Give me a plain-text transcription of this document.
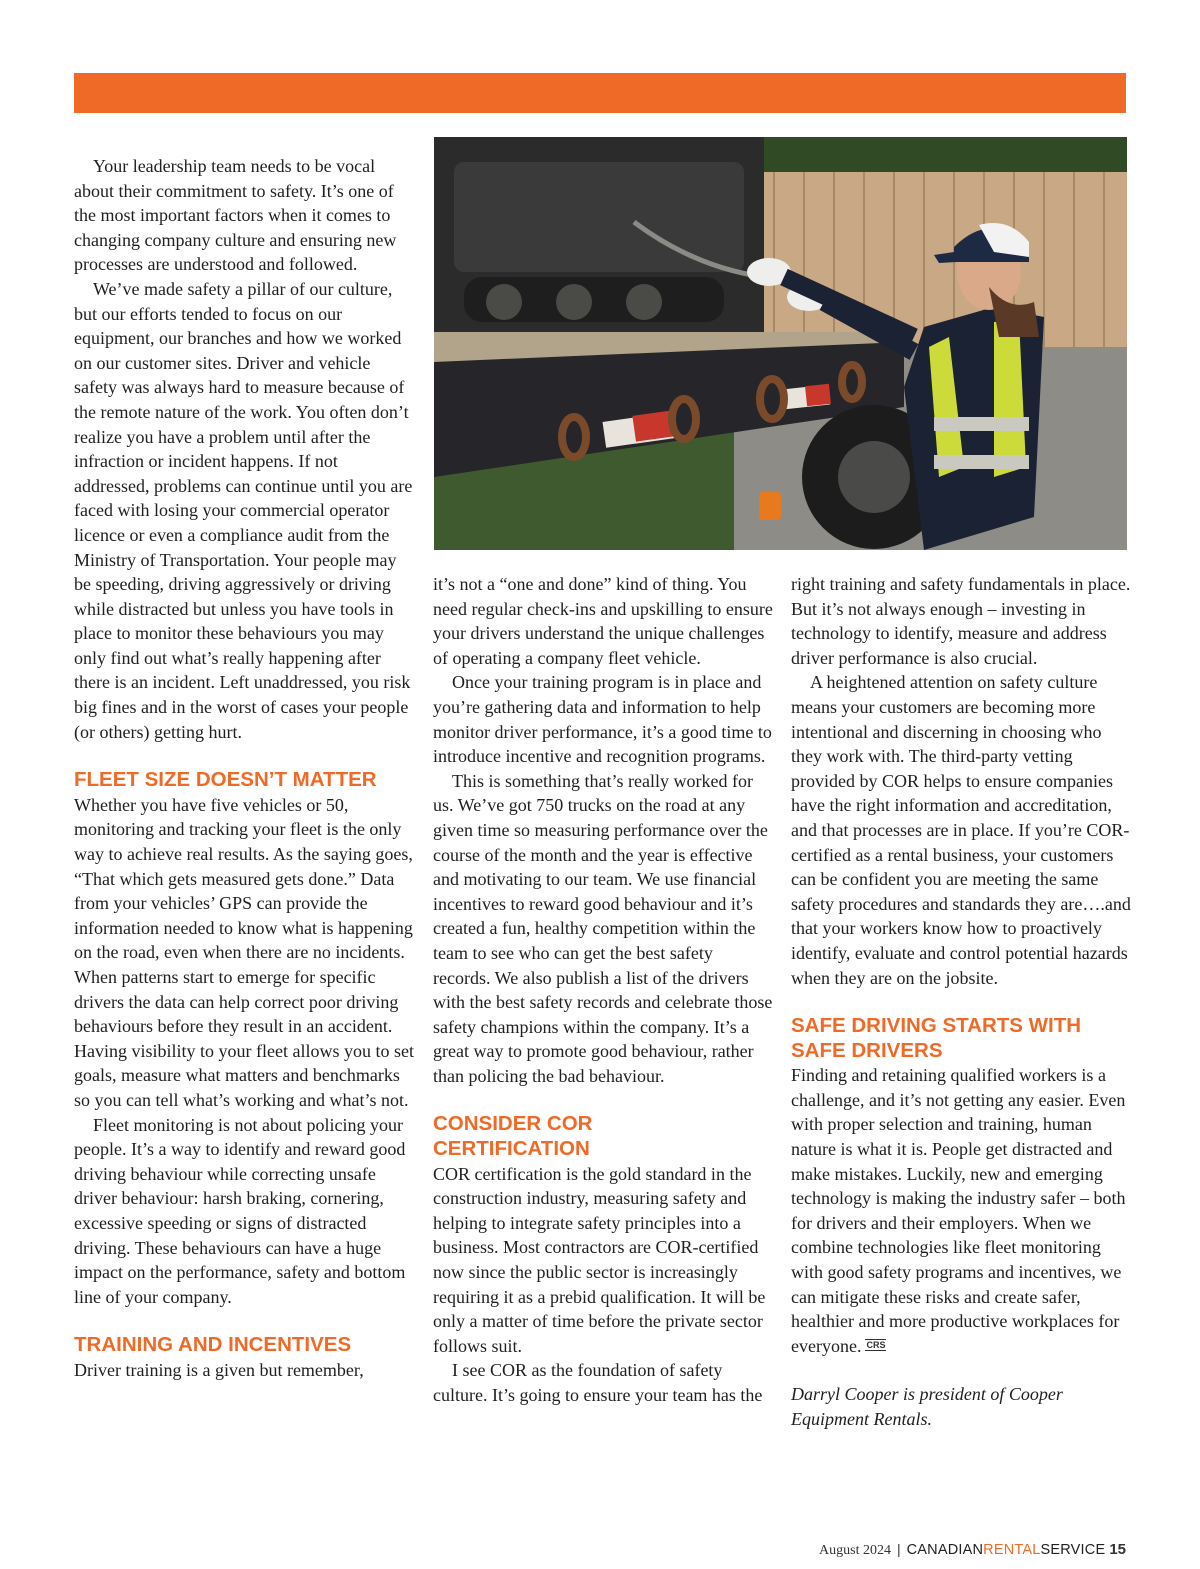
Your leadership team needs to be vocal about their commitment to safety. It’s one of the most important factors when it comes to changing company culture and ensuring new processes are understood and followed.

We’ve made safety a pillar of our culture, but our efforts tended to focus on our equipment, our branches and how we worked on our customer sites. Driver and vehicle safety was always hard to measure because of the remote nature of the work. You often don’t realize you have a problem until after the infraction or incident happens. If not addressed, problems can continue until you are faced with losing your commercial operator licence or even a compliance audit from the Ministry of Transportation. Your people may be speeding, driving aggressively or driving while distracted but unless you have tools in place to monitor these behaviours you may only find out what’s really happening after there is an incident. Left unaddressed, you risk big fines and in the worst of cases your people (or others) getting hurt.

FLEET SIZE DOESN’T MATTER

Whether you have five vehicles or 50, monitoring and tracking your fleet is the only way to achieve real results. As the saying goes, “That which gets measured gets done.” Data from your vehicles’ GPS can provide the information needed to know what is happening on the road, even when there are no incidents. When patterns start to emerge for specific drivers the data can help correct poor driving behaviours before they result in an accident. Having visibility to your fleet allows you to set goals, measure what matters and benchmarks so you can tell what’s working and what’s not.

Fleet monitoring is not about policing your people. It’s a way to identify and reward good driving behaviour while correcting unsafe driver behaviour: harsh braking, cornering, excessive speeding or signs of distracted driving. These behaviours can have a huge impact on the performance, safety and bottom line of your company.

TRAINING AND INCENTIVES

Driver training is a given but remember,

it’s not a “one and done” kind of thing. You need regular check-ins and upskilling to ensure your drivers understand the unique challenges of operating a company fleet vehicle.

Once your training program is in place and you’re gathering data and information to help monitor driver performance, it’s a good time to introduce incentive and recognition programs.

This is something that’s really worked for us. We’ve got 750 trucks on the road at any given time so measuring performance over the course of the month and the year is effective and motivating to our team. We use financial incentives to reward good behaviour and it’s created a fun, healthy competition within the team to see who can get the best safety records. We also publish a list of the drivers with the best safety records and celebrate those safety champions within the company. It’s a great way to promote good behaviour, rather than policing the bad behaviour.

CONSIDER COR CERTIFICATION

COR certification is the gold standard in the construction industry, measuring safety and helping to integrate safety principles into a business. Most contractors are COR-certified now since the public sector is increasingly requiring it as a prebid qualification. It will be only a matter of time before the private sector follows suit.

I see COR as the foundation of safety culture. It’s going to ensure your team has the

right training and safety fundamentals in place. But it’s not always enough – investing in technology to identify, measure and address driver performance is also crucial.

A heightened attention on safety culture means your customers are becoming more intentional and discerning in choosing who they work with. The third-party vetting provided by COR helps to ensure companies have the right information and accreditation, and that processes are in place. If you’re COR-certified as a rental business, your customers can be confident you are meeting the same safety procedures and standards they are….and that your workers know how to proactively identify, evaluate and control potential hazards when they are on the jobsite.

SAFE DRIVING STARTS WITH SAFE DRIVERS

Finding and retaining qualified workers is a challenge, and it’s not getting any easier. Even with proper selection and training, human nature is what it is. People get distracted and make mistakes. Luckily, new and emerging technology is making the industry safer – both for drivers and their employers. When we combine technologies like fleet monitoring with good safety programs and incentives, we can mitigate these risks and create safer, healthier and more productive workplaces for everyone. CRS

Darryl Cooper is president of Cooper Equipment Rentals.

August 2024 | CANADIANRENTALSERVICE 15
